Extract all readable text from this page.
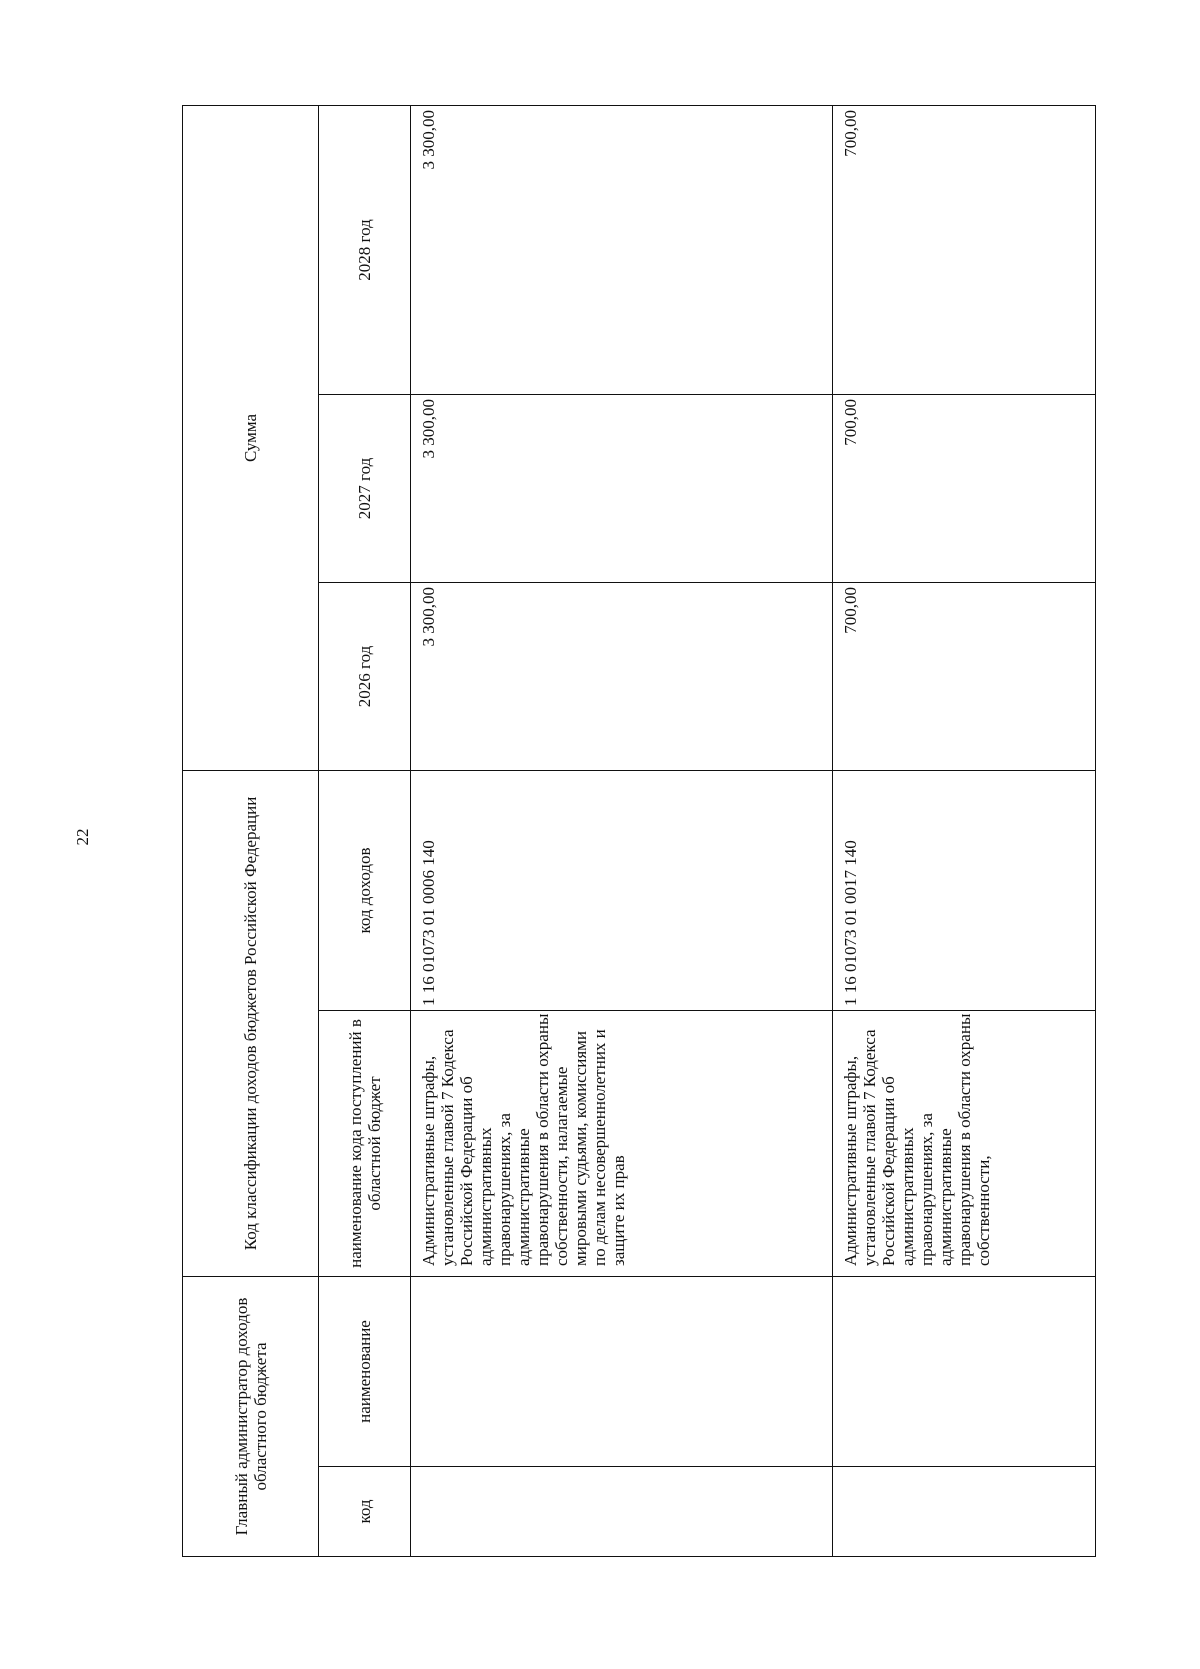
22
Главный администратор доходов областного бюджета		Код классификации доходов бюджетов Российской Федерации		Сумма		
код	наименование	наименование кода поступлений в областной бюджет	код доходов	2026 год	2027 год	2028 год
		Административные штрафы, установленные главой 7 Кодекса Российской Федерации об административных правонарушениях, за административные правонарушения в области охраны собственности, налагаемые мировыми судьями, комиссиями по делам несовершеннолетних и защите их прав	1 16 01073 01 0006 140	3 300,00	3 300,00	3 300,00
		Административные штрафы, установленные главой 7 Кодекса Российской Федерации об административных правонарушениях, за административные правонарушения в области охраны собственности,	1 16 01073 01 0017 140	700,00	700,00	700,00
